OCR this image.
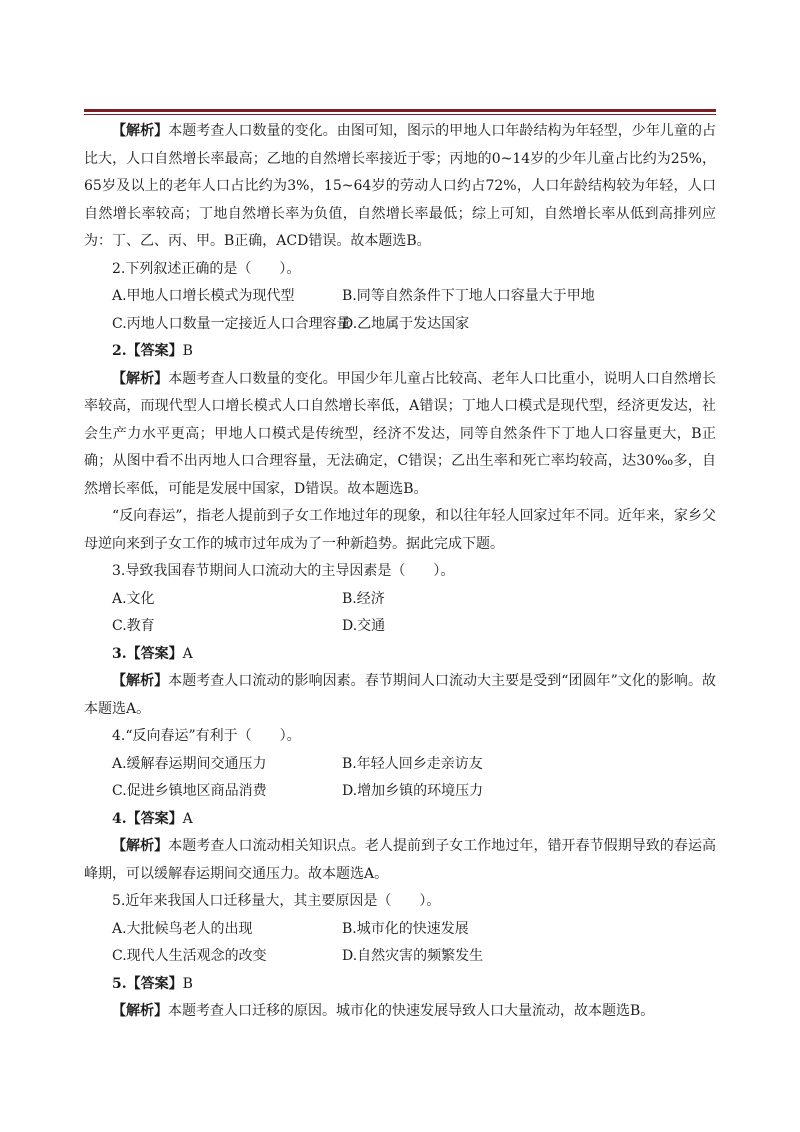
【解析】本题考查人口数量的变化。由图可知，图示的甲地人口年龄结构为年轻型，少年儿童的占比大，人口自然增长率最高；乙地的自然增长率接近于零；丙地的0~14岁的少年儿童占比约为25%，65岁及以上的老年人口占比约为3%，15~64岁的劳动人口约占72%，人口年龄结构较为年轻，人口自然增长率较高；丁地自然增长率为负值，自然增长率最低；综上可知，自然增长率从低到高排列应为：丁、乙、丙、甲。B正确，ACD错误。故本题选B。

2.下列叙述正确的是（　　）。

A.甲地人口增长模式为现代型	B.同等自然条件下丁地人口容量大于甲地
C.丙地人口数量一定接近人口合理容量
D.乙地属于发达国家

2.【答案】B

【解析】本题考查人口数量的变化。甲国少年儿童占比较高、老年人口比重小，说明人口自然增长率较高，而现代型人口增长模式人口自然增长率低，A错误；丁地人口模式是现代型，经济更发达，社会生产力水平更高；甲地人口模式是传统型，经济不发达，同等自然条件下丁地人口容量更大，B正确；从图中看不出丙地人口合理容量，无法确定，C错误；乙出生率和死亡率均较高，达30‰多，自然增长率低，可能是发展中国家，D错误。故本题选B。

“反向春运”，指老人提前到子女工作地过年的现象，和以往年轻人回家过年不同。近年来，家乡父母逆向来到子女工作的城市过年成为了一种新趋势。据此完成下题。

3.导致我国春节期间人口流动大的主导因素是（　　）。

A.文化	B.经济
C.教育	D.交通

3.【答案】A

【解析】本题考查人口流动的影响因素。春节期间人口流动大主要是受到“团圆年”文化的影响。故本题选A。

4.“反向春运”有利于（　　）。

A.缓解春运期间交通压力	B.年轻人回乡走亲访友
C.促进乡镇地区商品消费	D.增加乡镇的环境压力

4.【答案】A

【解析】本题考查人口流动相关知识点。老人提前到子女工作地过年，错开春节假期导致的春运高峰期，可以缓解春运期间交通压力。故本题选A。

5.近年来我国人口迁移量大，其主要原因是（　　）。

A.大批候鸟老人的出现	B.城市化的快速发展
C.现代人生活观念的改变	D.自然灾害的频繁发生

5.【答案】B

【解析】本题考查人口迁移的原因。城市化的快速发展导致人口大量流动，故本题选B。
